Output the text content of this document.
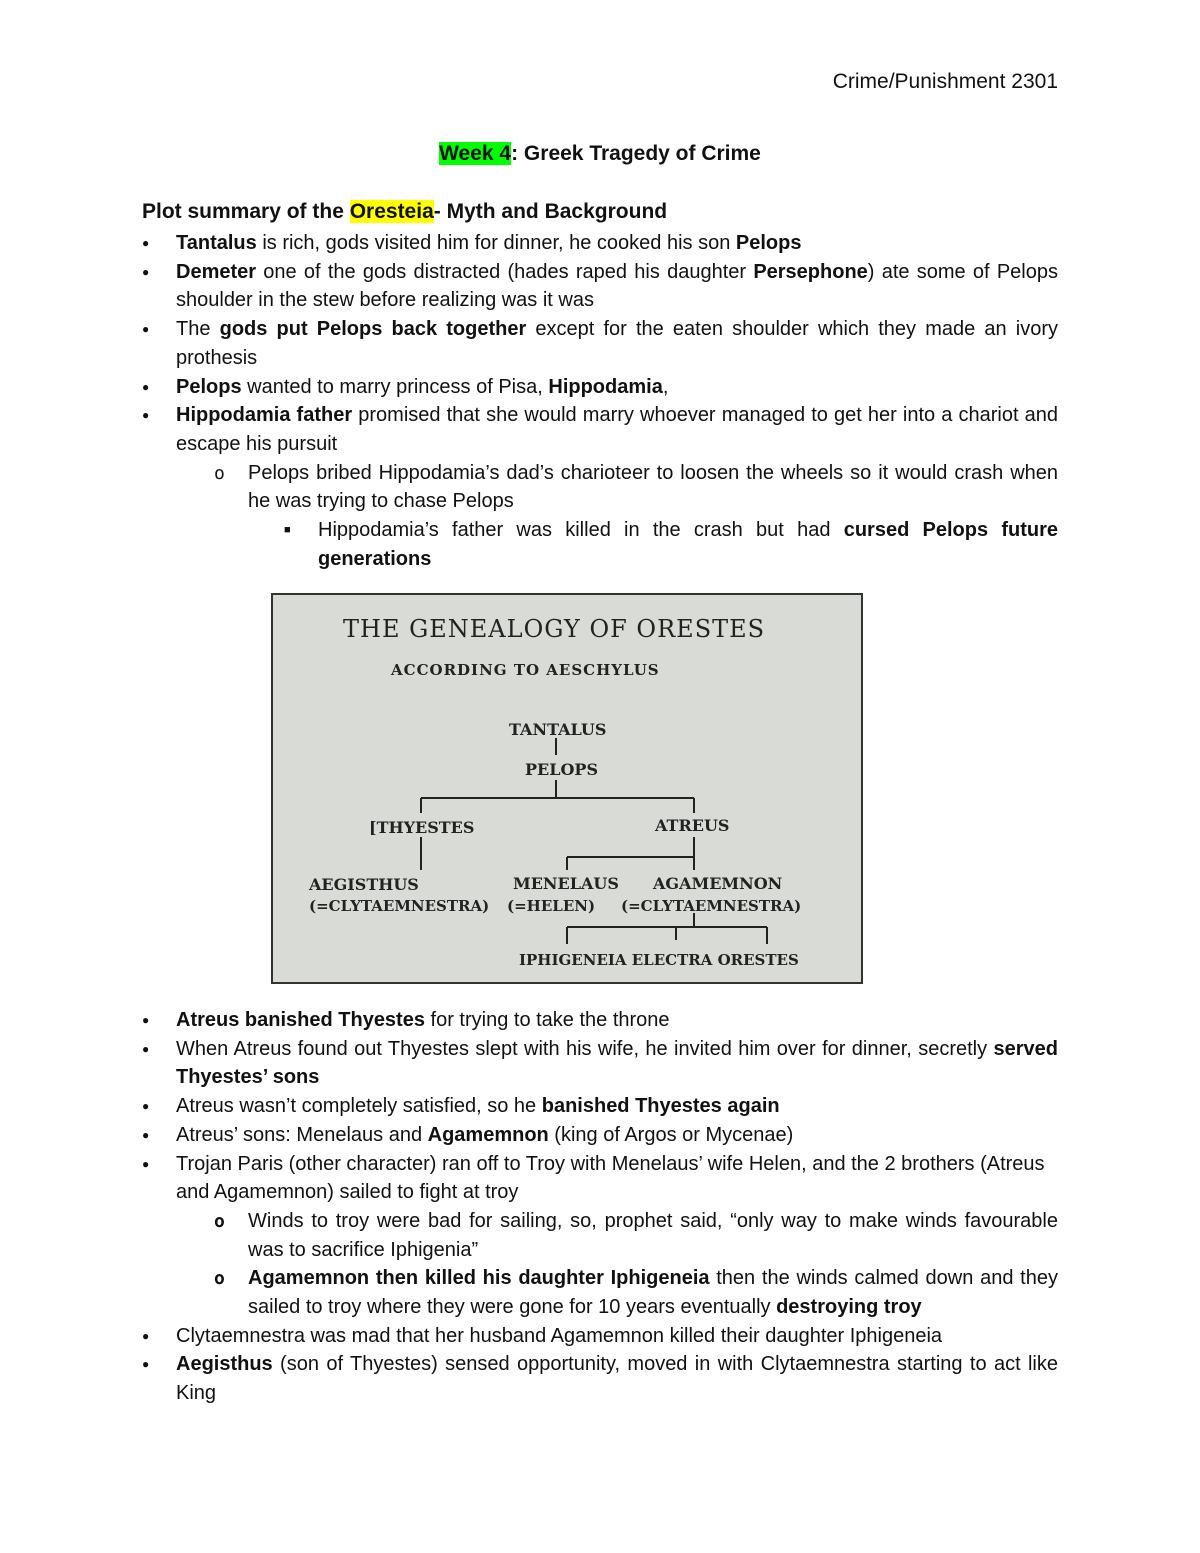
Crime/Punishment 2301
Week 4: Greek Tragedy of Crime
Plot summary of the Oresteia- Myth and Background
●
Tantalus is rich, gods visited him for dinner, he cooked his son Pelops
●
Demeter one of the gods distracted (hades raped his daughter Persephone) ate some of Pelops shoulder in the stew before realizing was it was
●
The gods put Pelops back together except for the eaten shoulder which they made an ivory prothesis
●
Pelops wanted to marry princess of Pisa, Hippodamia,
●
Hippodamia father promised that she would marry whoever managed to get her into a chariot and escape his pursuit
o
Pelops bribed Hippodamia’s dad’s charioteer to loosen the wheels so it would crash when he was trying to chase Pelops
■
Hippodamia’s father was killed in the crash but had cursed Pelops future generations
THE GENEALOGY OF ORESTES
ACCORDING TO AESCHYLUS
TANTALUS
PELOPS
[THYESTES	ATREUS
AEGISTHUS	MENELAUS AGAMEMNON
(=CLYTAEMNESTRA) (=HELEN) (=CLYTAEMNESTRA)
IPHIGENEIA ELECTRA ORESTES
●
Atreus banished Thyestes for trying to take the throne
●
When Atreus found out Thyestes slept with his wife, he invited him over for dinner, secretly served Thyestes’ sons
●
Atreus wasn’t completely satisfied, so he banished Thyestes again
●
Atreus’ sons: Menelaus and Agamemnon (king of Argos or Mycenae)
●
Trojan Paris (other character) ran off to Troy with Menelaus’ wife Helen, and the 2 brothers (Atreus and Agamemnon) sailed to fight at troy
o
Winds to troy were bad for sailing, so, prophet said, “only way to make winds favourable was to sacrifice Iphigenia”
o
Agamemnon then killed his daughter Iphigeneia then the winds calmed down and they sailed to troy where they were gone for 10 years eventually destroying troy
●
Clytaemnestra was mad that her husband Agamemnon killed their daughter Iphigeneia
●
Aegisthus (son of Thyestes) sensed opportunity, moved in with Clytaemnestra starting to act like King
